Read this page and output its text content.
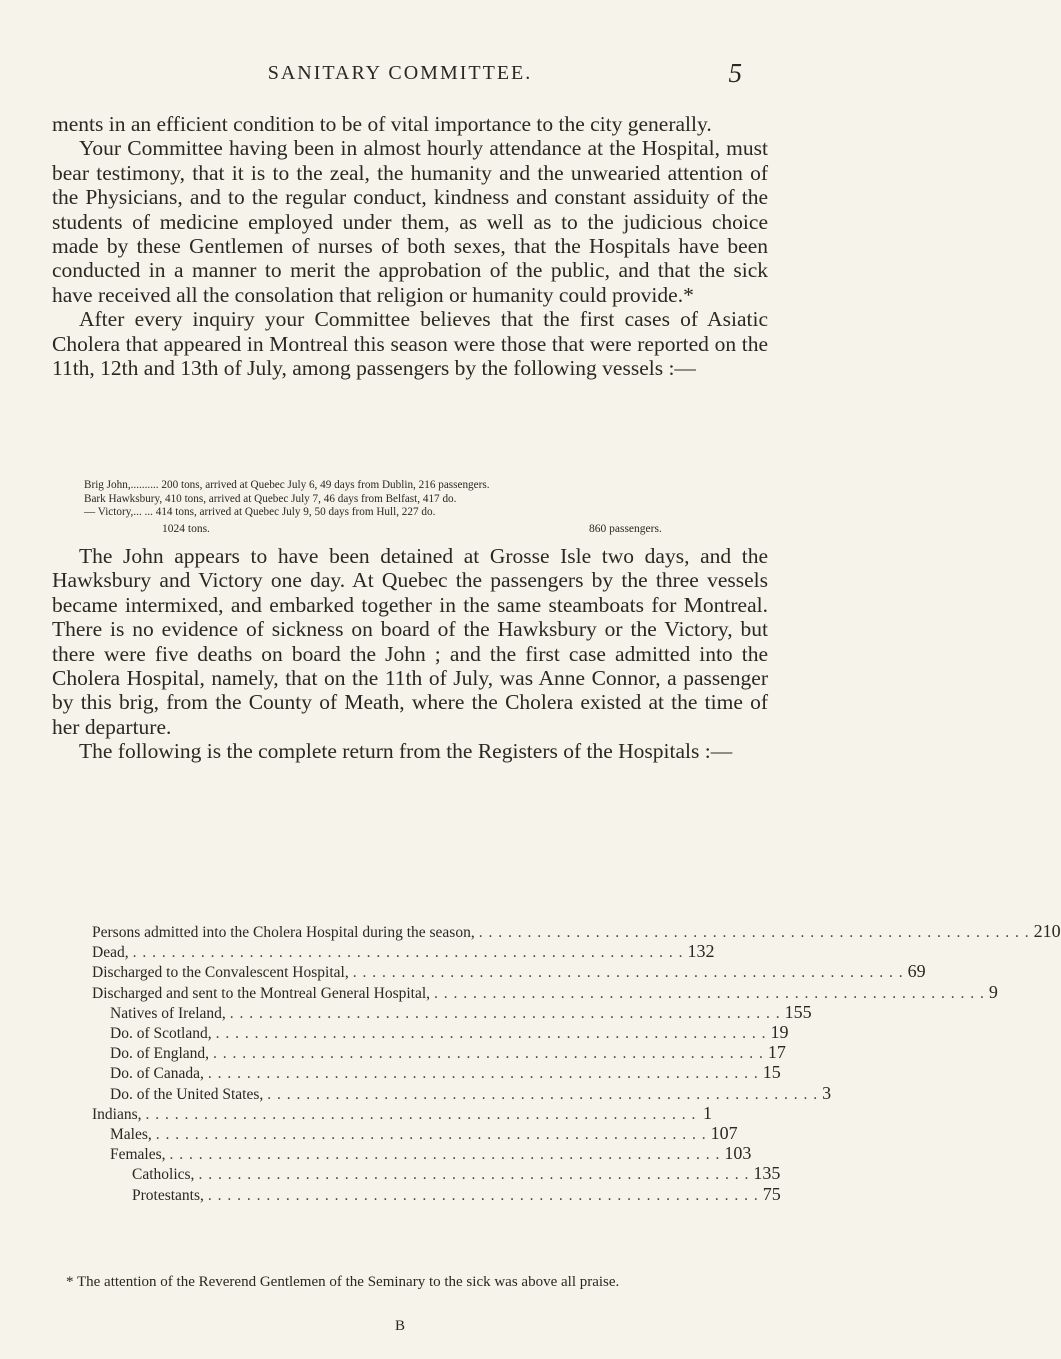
SANITARY COMMITTEE.	5

ments in an efficient condition to be of vital importance to the city generally.

Your Committee having been in almost hourly attendance at the Hospital, must bear testimony, that it is to the zeal, the humanity and the unwearied attention of the Physicians, and to the regular conduct, kindness and constant assiduity of the students of medicine employed under them, as well as to the judicious choice made by these Gentlemen of nurses of both sexes, that the Hospitals have been conducted in a manner to merit the approbation of the public, and that the sick have received all the consolation that religion or humanity could provide.*

After every inquiry your Committee believes that the first cases of Asiatic Cholera that appeared in Montreal this season were those that were reported on the 11th, 12th and 13th of July, among passengers by the following vessels :—

Brig John,.......... 200 tons, arrived at Quebec July 6, 49 days from Dublin, 216 passengers.
Bark Hawksbury, 410 tons, arrived at Quebec July 7, 46 days from Belfast, 417 do.
— Victory,... ... 414 tons, arrived at Quebec July 9, 50 days from Hull, 227 do.
1024 tons.	860 passengers.

The John appears to have been detained at Grosse Isle two days, and the Hawksbury and Victory one day. At Quebec the passengers by the three vessels became intermixed, and embarked together in the same steamboats for Montreal. There is no evidence of sickness on board of the Hawksbury or the Victory, but there were five deaths on board the John ; and the first case admitted into the Cholera Hospital, namely, that on the 11th of July, was Anne Connor, a passenger by this brig, from the County of Meath, where the Cholera existed at the time of her departure.

The following is the complete return from the Registers of the Hospitals :—

Persons admitted into the Cholera Hospital during the season, . . . . . . . . . . . . . . . . . . . . . . . . . . . . . . . . . . . . . . . . . . . . . . . . . . . . . . . . . 210
Dead, . . . . . . . . . . . . . . . . . . . . . . . . . . . . . . . . . . . . . . . . . . . . . . . . . . . . . . . . . 132
Discharged to the Convalescent Hospital, . . . . . . . . . . . . . . . . . . . . . . . . . . . . . . . . . . . . . . . . . . . . . . . . . . . . . . . . . 69
Discharged and sent to the Montreal General Hospital, . . . . . . . . . . . . . . . . . . . . . . . . . . . . . . . . . . . . . . . . . . . . . . . . . . . . . . . . . 9
Natives of Ireland, . . . . . . . . . . . . . . . . . . . . . . . . . . . . . . . . . . . . . . . . . . . . . . . . . . . . . . . . . 155
Do. of Scotland, . . . . . . . . . . . . . . . . . . . . . . . . . . . . . . . . . . . . . . . . . . . . . . . . . . . . . . . . . 19
Do. of England, . . . . . . . . . . . . . . . . . . . . . . . . . . . . . . . . . . . . . . . . . . . . . . . . . . . . . . . . . 17
Do. of Canada, . . . . . . . . . . . . . . . . . . . . . . . . . . . . . . . . . . . . . . . . . . . . . . . . . . . . . . . . . 15
Do. of the United States, . . . . . . . . . . . . . . . . . . . . . . . . . . . . . . . . . . . . . . . . . . . . . . . . . . . . . . . . . 3
Indians, . . . . . . . . . . . . . . . . . . . . . . . . . . . . . . . . . . . . . . . . . . . . . . . . . . . . . . . . . 1
Males, . . . . . . . . . . . . . . . . . . . . . . . . . . . . . . . . . . . . . . . . . . . . . . . . . . . . . . . . . 107
Females, . . . . . . . . . . . . . . . . . . . . . . . . . . . . . . . . . . . . . . . . . . . . . . . . . . . . . . . . . 103
Catholics, . . . . . . . . . . . . . . . . . . . . . . . . . . . . . . . . . . . . . . . . . . . . . . . . . . . . . . . . . 135
Protestants, . . . . . . . . . . . . . . . . . . . . . . . . . . . . . . . . . . . . . . . . . . . . . . . . . . . . . . . . . 75

* The attention of the Reverend Gentlemen of the Seminary to the sick was above all praise.

B
